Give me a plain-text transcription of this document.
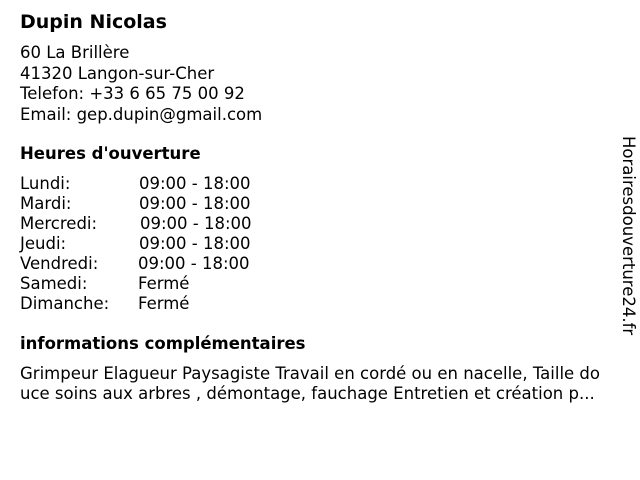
Dupin Nicolas
60 La Brillère
41320 Langon-sur-Cher
Telefon: +33 6 65 75 00 92
Email: gep.dupin@gmail.com
Heures d'ouverture
Lundi:	09:00 - 18:00
Mardi:	09:00 - 18:00
Mercredi:	09:00 - 18:00
Jeudi:	09:00 - 18:00
Vendredi: 09:00 - 18:00
Samedi:	Fermé
Dimanche: Fermé
informations complémentaires
Grimpeur Elagueur Paysagiste Travail en cordé ou en nacelle, Taille do
uce soins aux arbres , démontage, fauchage Entretien et création p...
Horairesdouverture24.fr
